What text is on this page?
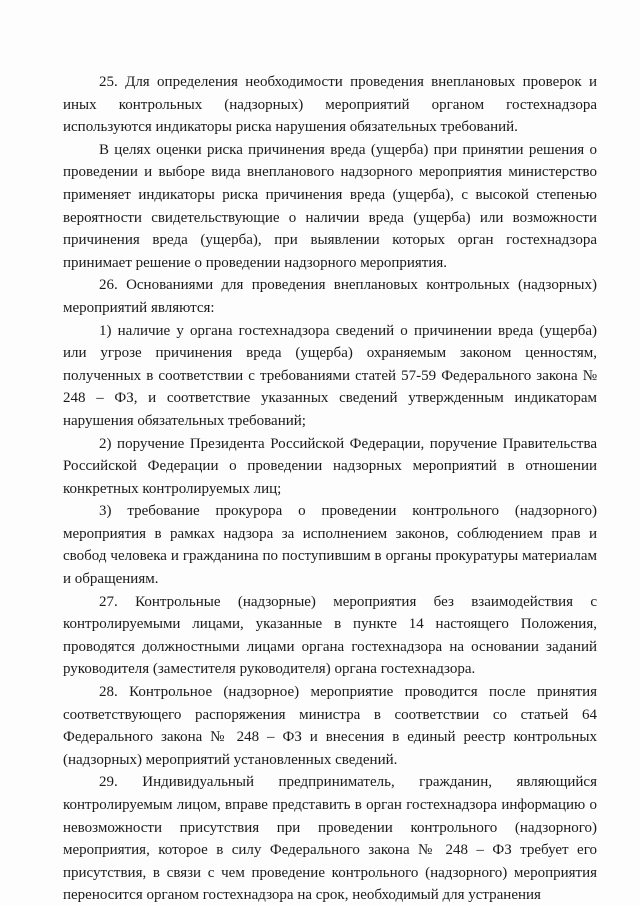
25. Для определения необходимости проведения внеплановых проверок и иных контрольных (надзорных) мероприятий органом гостехнадзора используются индикаторы риска нарушения обязательных требований.

В целях оценки риска причинения вреда (ущерба) при принятии решения о проведении и выборе вида внепланового надзорного мероприятия министерство применяет индикаторы риска причинения вреда (ущерба), с высокой степенью вероятности свидетельствующие о наличии вреда (ущерба) или возможности причинения вреда (ущерба), при выявлении которых орган гостехнадзора принимает решение о проведении надзорного мероприятия.

26. Основаниями для проведения внеплановых контрольных (надзорных) мероприятий являются:

1) наличие у органа гостехнадзора сведений о причинении вреда (ущерба) или угрозе причинения вреда (ущерба) охраняемым законом ценностям, полученных в соответствии с требованиями статей 57-59 Федерального закона № 248 – ФЗ, и соответствие указанных сведений утвержденным индикаторам нарушения обязательных требований;

2) поручение Президента Российской Федерации, поручение Правительства Российской Федерации о проведении надзорных мероприятий в отношении конкретных контролируемых лиц;

3) требование прокурора о проведении контрольного (надзорного) мероприятия в рамках надзора за исполнением законов, соблюдением прав и свобод человека и гражданина по поступившим в органы прокуратуры материалам и обращениям.

27. Контрольные (надзорные) мероприятия без взаимодействия с контролируемыми лицами, указанные в пункте 14 настоящего Положения, проводятся должностными лицами органа гостехнадзора на основании заданий руководителя (заместителя руководителя) органа гостехнадзора.

28. Контрольное (надзорное) мероприятие проводится после принятия соответствующего распоряжения министра в соответствии со статьей 64 Федерального закона № 248 – ФЗ и внесения в единый реестр контрольных (надзорных) мероприятий установленных сведений.

29. Индивидуальный предприниматель, гражданин, являющийся контролируемым лицом, вправе представить в орган гостехнадзора информацию о невозможности присутствия при проведении контрольного (надзорного) мероприятия, которое в силу Федерального закона № 248 – ФЗ требует его присутствия, в связи с чем проведение контрольного (надзорного) мероприятия переносится органом гостехнадзора на срок, необходимый для устранения
